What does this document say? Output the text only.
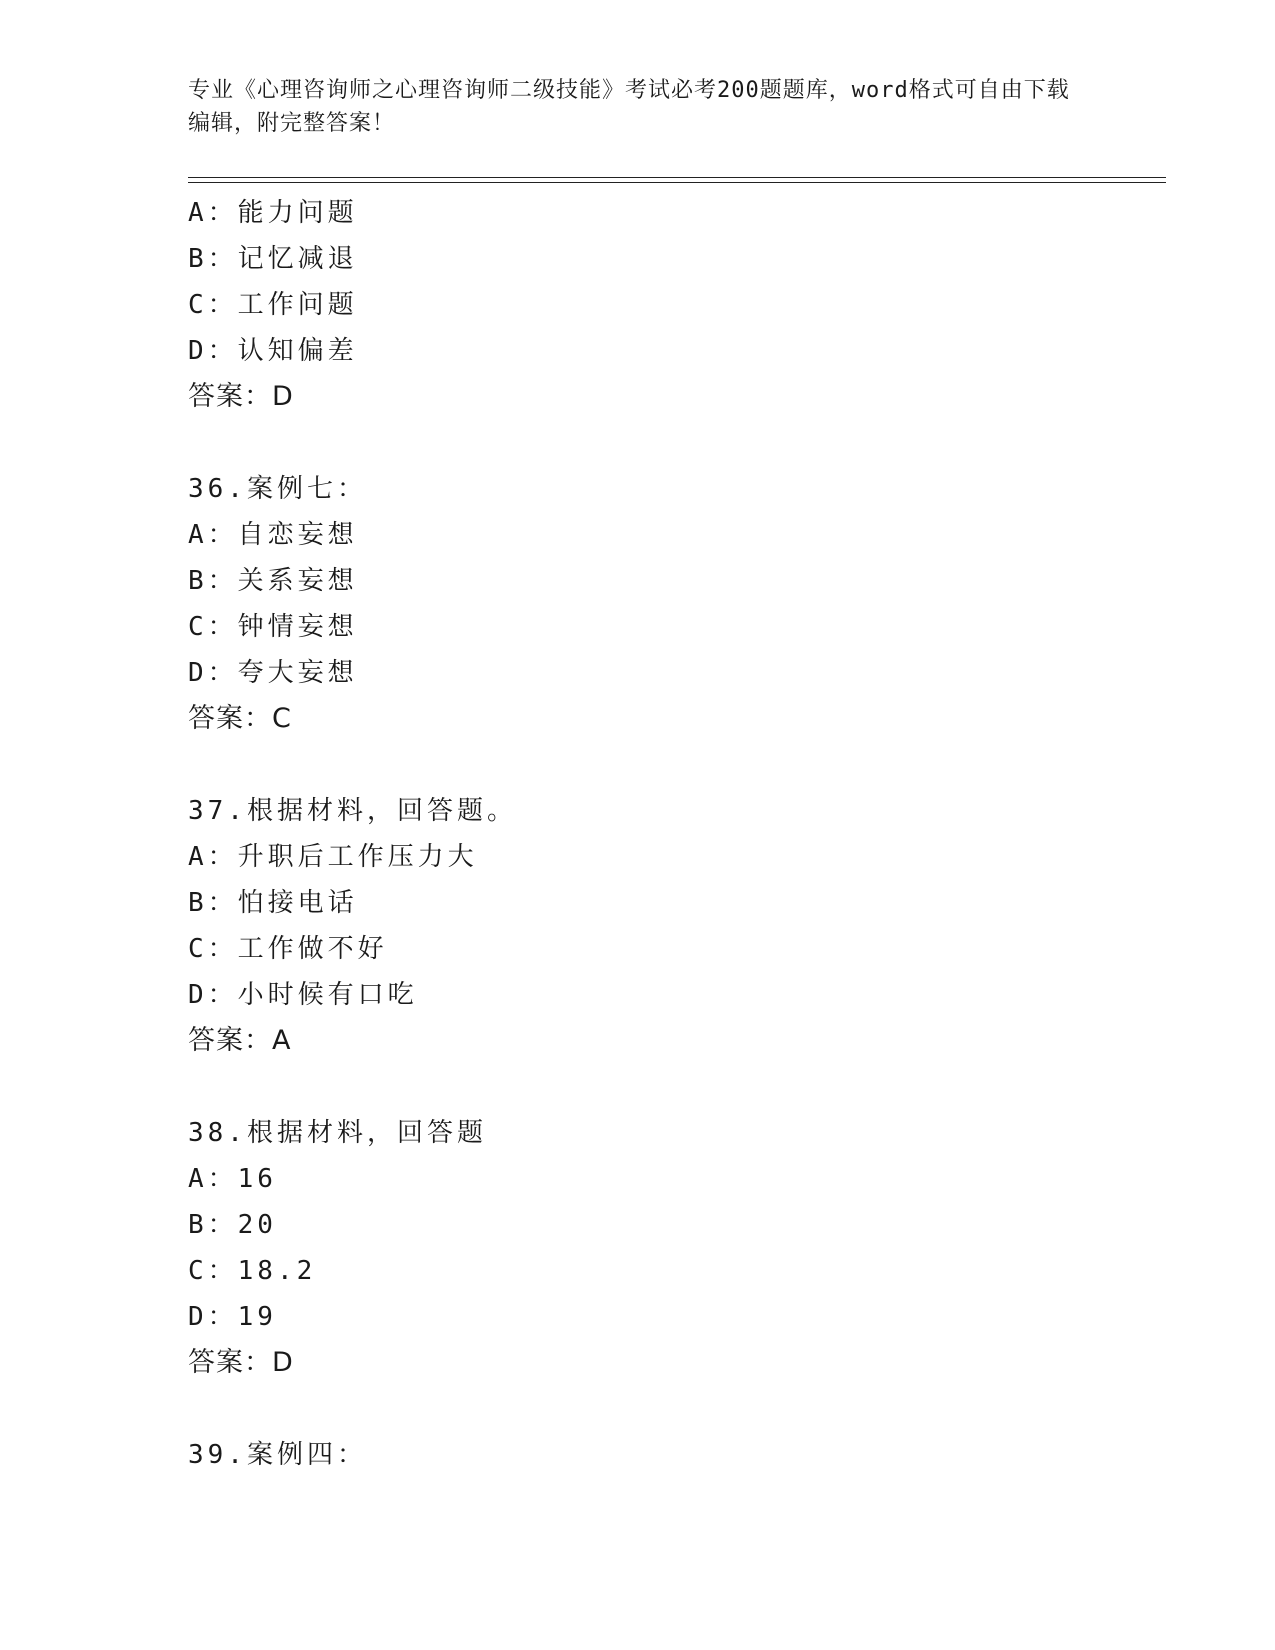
专业《心理咨询师之心理咨询师二级技能》考试必考200题题库，word格式可自由下载编辑，附完整答案！
A：能力问题
B：记忆减退
C：工作问题
D：认知偏差
答案：D
36.案例七：
A：自恋妄想
B：关系妄想
C：钟情妄想
D：夸大妄想
答案：C
37.根据材料，回答题。
A：升职后工作压力大
B：怕接电话
C：工作做不好
D：小时候有口吃
答案：A
38.根据材料，回答题
A：16
B：20
C：18.2
D：19
答案：D
39.案例四：
